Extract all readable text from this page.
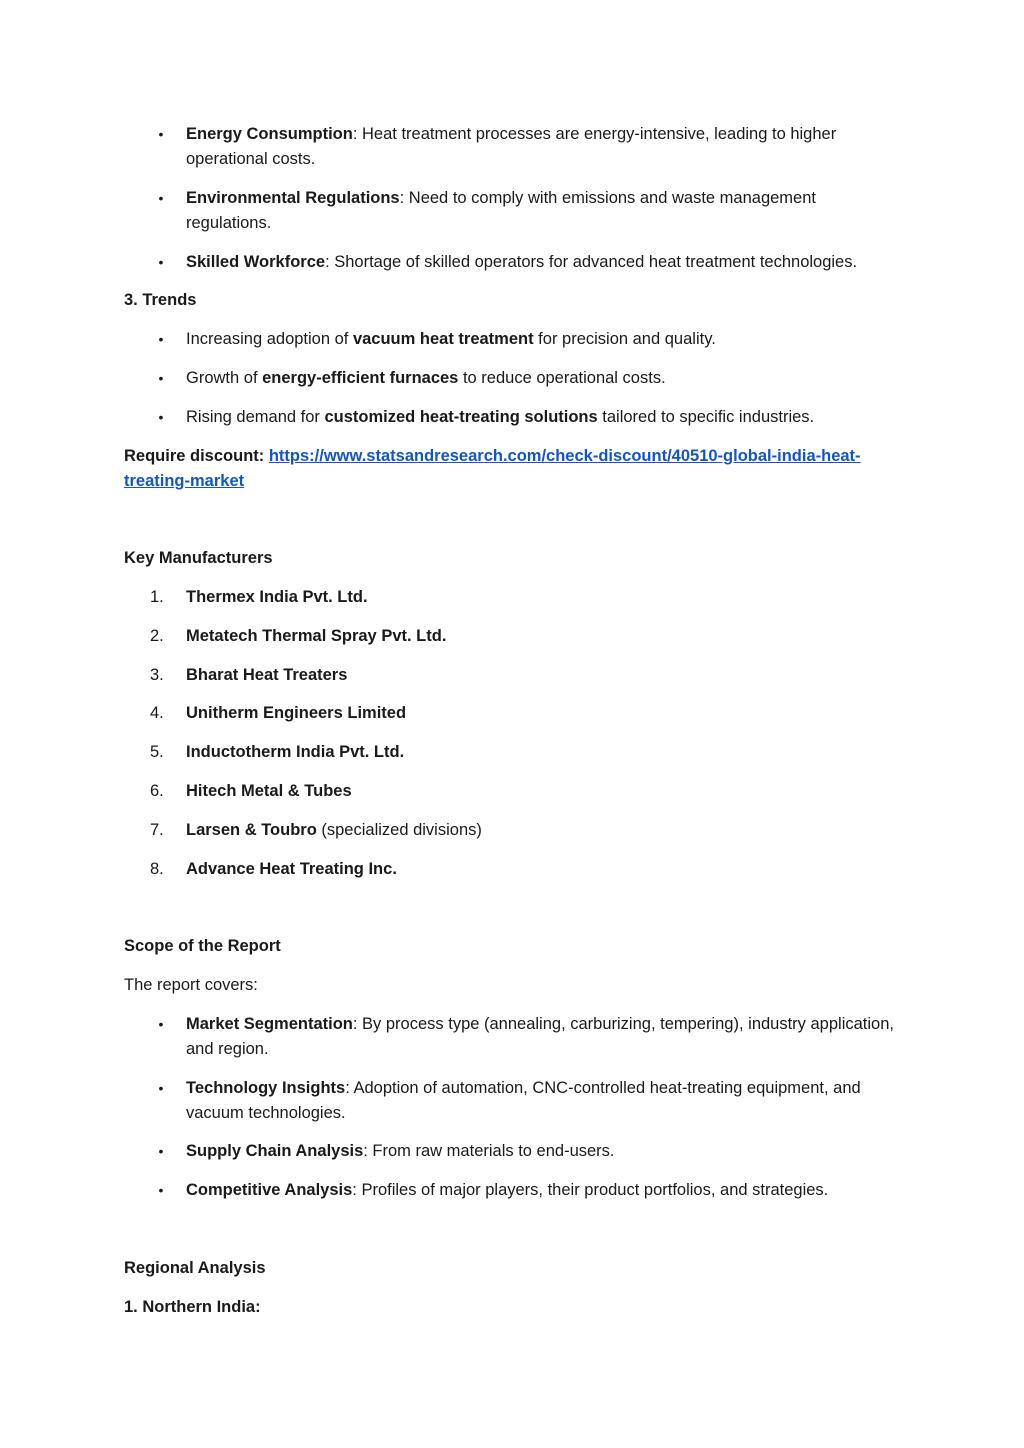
• Energy Consumption: Heat treatment processes are energy-intensive, leading to higher operational costs.
• Environmental Regulations: Need to comply with emissions and waste management regulations.
• Skilled Workforce: Shortage of skilled operators for advanced heat treatment technologies.
3. Trends
• Increasing adoption of vacuum heat treatment for precision and quality.
• Growth of energy-efficient furnaces to reduce operational costs.
• Rising demand for customized heat-treating solutions tailored to specific industries.
Require discount: https://www.statsandresearch.com/check-discount/40510-global-india-heat-treating-market
Key Manufacturers
1.	Thermex India Pvt. Ltd.
2.	Metatech Thermal Spray Pvt. Ltd.
3.	Bharat Heat Treaters
4.	Unitherm Engineers Limited
5.	Inductotherm India Pvt. Ltd.
6.	Hitech Metal & Tubes
7.	Larsen & Toubro (specialized divisions)
8.	Advance Heat Treating Inc.
Scope of the Report
The report covers:
• Market Segmentation: By process type (annealing, carburizing, tempering), industry application, and region.
• Technology Insights: Adoption of automation, CNC-controlled heat-treating equipment, and vacuum technologies.
• Supply Chain Analysis: From raw materials to end-users.
• Competitive Analysis: Profiles of major players, their product portfolios, and strategies.
Regional Analysis
1. Northern India:
